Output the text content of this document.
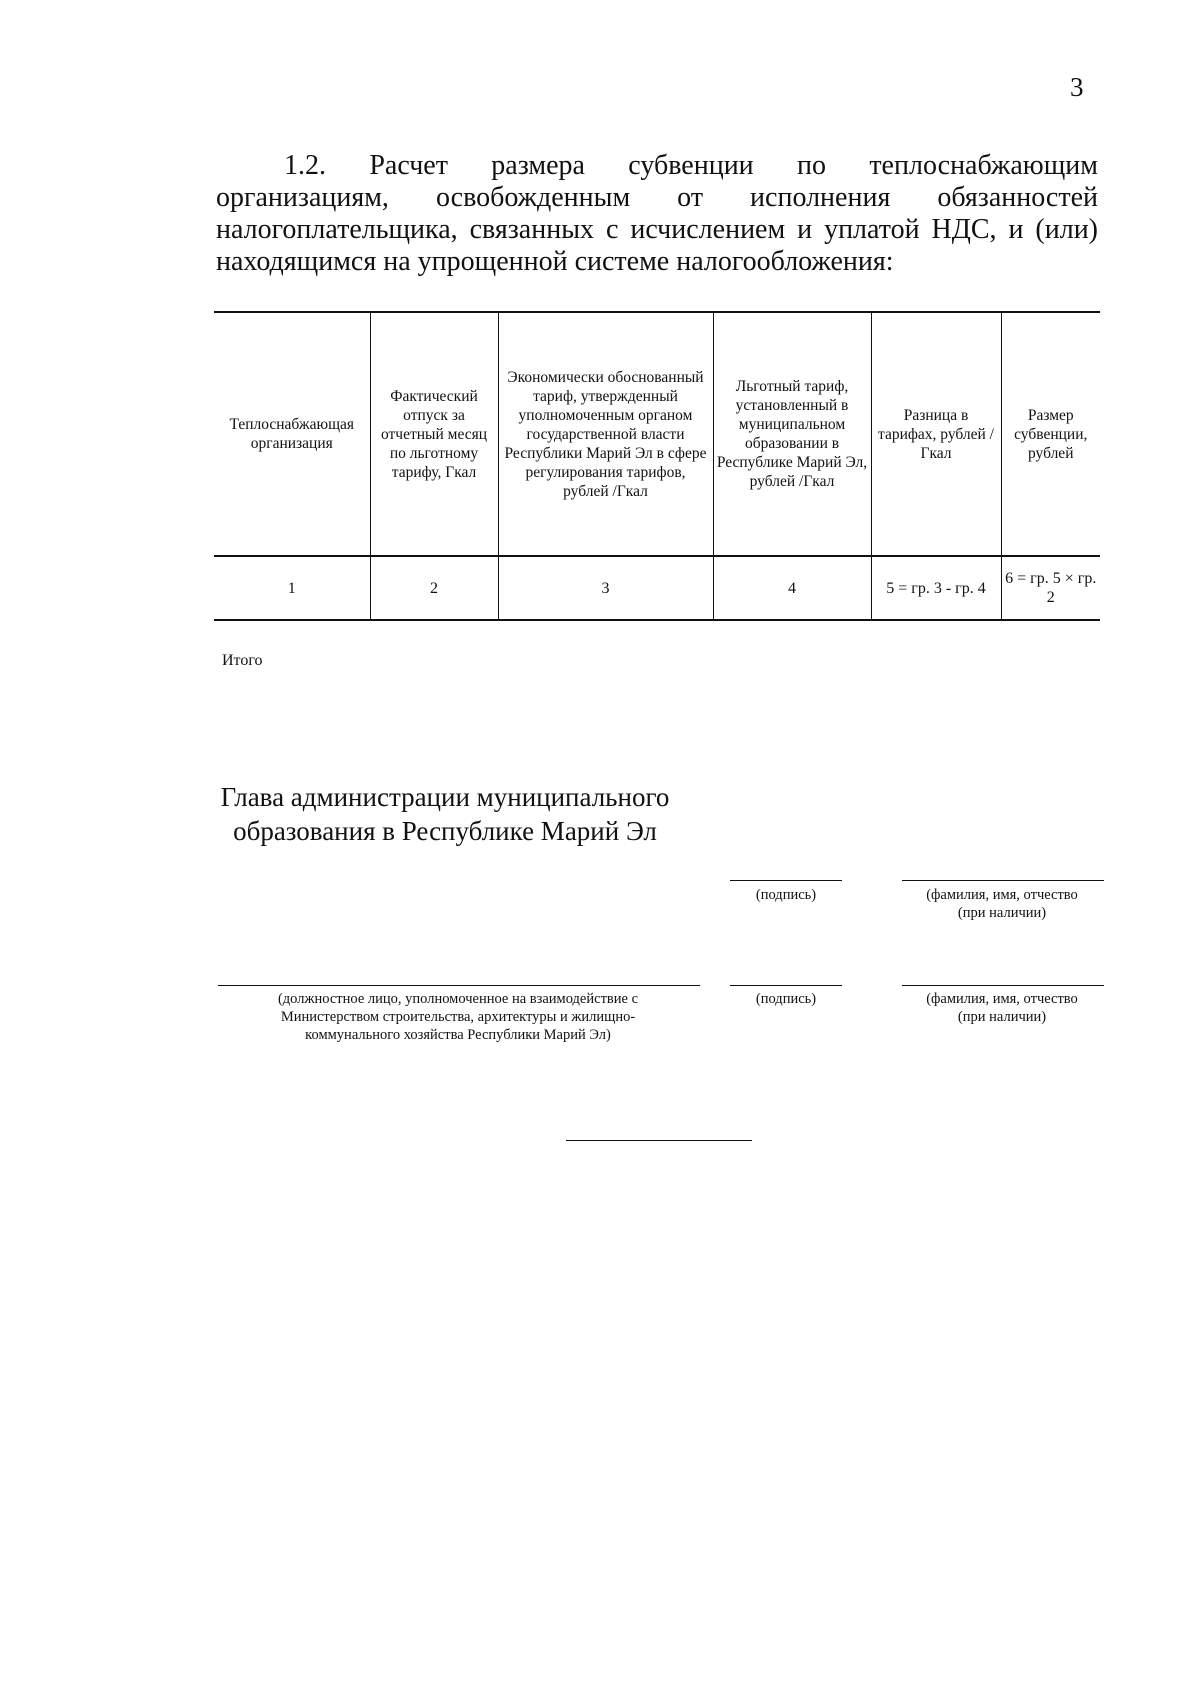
3
1.2. Расчет размера субвенции по теплоснабжающим
организациям, освобожденным от исполнения обязанностей
налогоплательщика, связанных с исчислением и уплатой НДС, и (или)
находящимся на упрощенной системе налогообложения:
Теплоснабжающая организация	Фактический отпуск за отчетный месяц по льготному тарифу, Гкал	Экономически обоснованный тариф, утвержденный уполномоченным органом государственной власти Республики Марий Эл в сфере регулирования тарифов, рублей /Гкал	Льготный тариф, установленный в муниципальном образовании в Республике Марий Эл, рублей /Гкал	Разница в тарифах, рублей /Гкал	Размер субвенции, рублей
1	2	3	4	5 = гр. 3 - гр. 4	6 = гр. 5 × гр. 2
Итого
Глава администрации муниципального образования в Республике Марий Эл
(подпись)	(фамилия, имя, отчество (при наличии)
(должностное лицо, уполномоченное на взаимодействие с Министерством строительства, архитектуры и жилищно-коммунального хозяйства Республики Марий Эл)
(подпись)	(фамилия, имя, отчество (при наличии)
